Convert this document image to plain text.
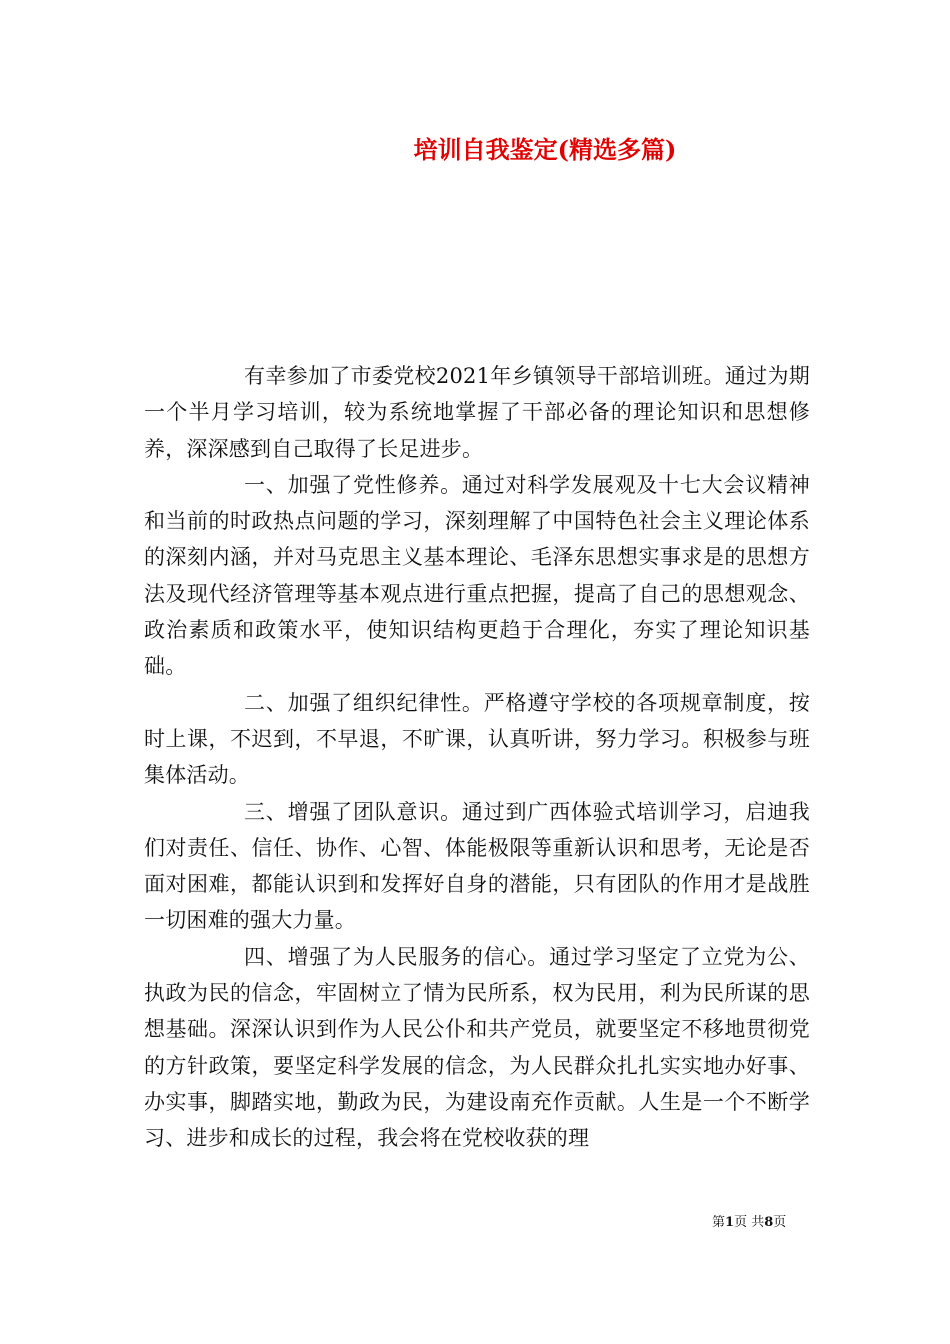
培训自我鉴定(精选多篇)

有幸参加了市委党校2021年乡镇领导干部培训班。通过为期一个半月学习培训，较为系统地掌握了干部必备的理论知识和思想修养，深深感到自己取得了长足进步。

一、加强了党性修养。通过对科学发展观及十七大会议精神和当前的时政热点问题的学习，深刻理解了中国特色社会主义理论体系的深刻内涵，并对马克思主义基本理论、毛泽东思想实事求是的思想方法及现代经济管理等基本观点进行重点把握，提高了自己的思想观念、政治素质和政策水平，使知识结构更趋于合理化，夯实了理论知识基础。

二、加强了组织纪律性。严格遵守学校的各项规章制度，按时上课，不迟到，不早退，不旷课，认真听讲，努力学习。积极参与班集体活动。

三、增强了团队意识。通过到广西体验式培训学习，启迪我们对责任、信任、协作、心智、体能极限等重新认识和思考，无论是否面对困难，都能认识到和发挥好自身的潜能，只有团队的作用才是战胜一切困难的强大力量。

四、增强了为人民服务的信心。通过学习坚定了立党为公、执政为民的信念，牢固树立了情为民所系，权为民用，利为民所谋的思想基础。深深认识到作为人民公仆和共产党员，就要坚定不移地贯彻党的方针政策，要坚定科学发展的信念，为人民群众扎扎实实地办好事、办实事，脚踏实地，勤政为民，为建设南充作贡献。人生是一个不断学习、进步和成长的过程，我会将在党校收获的理

第1页 共8页
